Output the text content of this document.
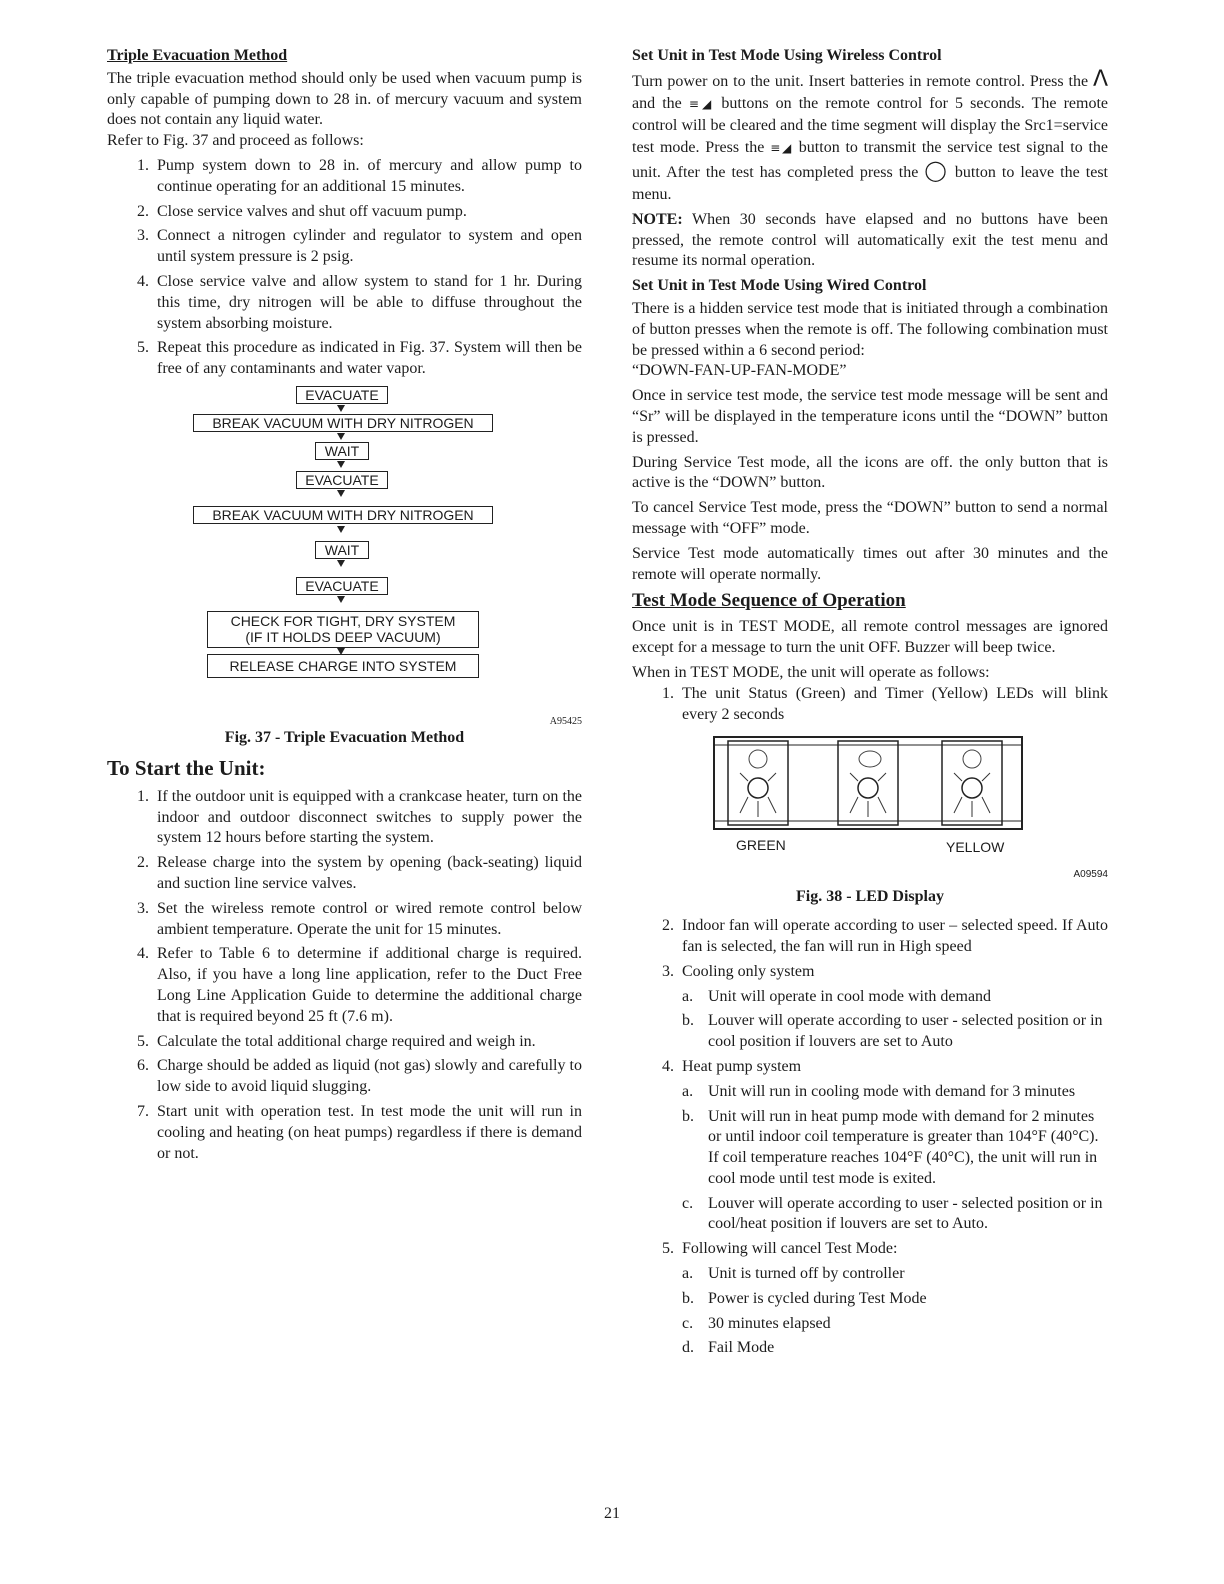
Triple Evacuation Method

The triple evacuation method should only be used when vacuum pump is only capable of pumping down to 28 in. of mercury vacuum and system does not contain any liquid water.

Refer to Fig. 37 and proceed as follows:

1. Pump system down to 28 in. of mercury and allow pump to continue operating for an additional 15 minutes.
2. Close service valves and shut off vacuum pump.
3. Connect a nitrogen cylinder and regulator to system and open until system pressure is 2 psig.
4. Close service valve and allow system to stand for 1 hr. During this time, dry nitrogen will be able to diffuse throughout the system absorbing moisture.
5. Repeat this procedure as indicated in Fig. 37. System will then be free of any contaminants and water vapor.
EVACUATE
BREAK VACUUM WITH DRY NITROGEN
WAIT
EVACUATE
BREAK VACUUM WITH DRY NITROGEN
WAIT
EVACUATE
CHECK FOR TIGHT, DRY SYSTEM
(IF IT HOLDS DEEP VACUUM)
RELEASE CHARGE INTO SYSTEM
A95425
Fig. 37 - Triple Evacuation Method
To Start the Unit:
1. If the outdoor unit is equipped with a crankcase heater, turn on the indoor and outdoor disconnect switches to supply power the system 12 hours before starting the system.
2. Release charge into the system by opening (back-seating) liquid and suction line service valves.
3. Set the wireless remote control or wired remote control below ambient temperature. Operate the unit for 15 minutes.
4. Refer to Table 6 to determine if additional charge is required. Also, if you have a long line application, refer to the Duct Free Long Line Application Guide to determine the additional charge that is required beyond 25 ft (7.6 m).
5. Calculate the total additional charge required and weigh in.
6. Charge should be added as liquid (not gas) slowly and carefully to low side to avoid liquid slugging.
7. Start unit with operation test. In test mode the unit will run in cooling and heating (on heat pumps) regardless if there is demand or not.
Set Unit in Test Mode Using Wireless Control

Turn power on to the unit. Insert batteries in remote control. Press the Λ and the ≡◢ buttons on the remote control for 5 seconds. The remote control will be cleared and the time segment will display the Src1=service test mode. Press the ≡◢ button to transmit the service test signal to the unit. After the test has completed press the ◯ button to leave the test menu.

NOTE: When 30 seconds have elapsed and no buttons have been pressed, the remote control will automatically exit the test menu and resume its normal operation.

Set Unit in Test Mode Using Wired Control

There is a hidden service test mode that is initiated through a combination of button presses when the remote is off. The following combination must be pressed within a 6 second period:

“DOWN-FAN-UP-FAN-MODE”

Once in service test mode, the service test mode message will be sent and “Sr” will be displayed in the temperature icons until the “DOWN” button is pressed.

During Service Test mode, all the icons are off. the only button that is active is the “DOWN” button.

To cancel Service Test mode, press the “DOWN” button to send a normal message with “OFF” mode.

Service Test mode automatically times out after 30 minutes and the remote will operate normally.

Test Mode Sequence of Operation

Once unit is in TEST MODE, all remote control messages are ignored except for a message to turn the unit OFF. Buzzer will beep twice.

When in TEST MODE, the unit will operate as follows:

1. The unit Status (Green) and Timer (Yellow) LEDs will blink every 2 seconds
GREEN	YELLOW
A09594
Fig. 38 - LED Display
2. Indoor fan will operate according to user – selected speed. If Auto fan is selected, the fan will run in High speed
3. Cooling only system
a. Unit will operate in cool mode with demand
b. Louver will operate according to user - selected position or in cool position if louvers are set to Auto
4. Heat pump system
a. Unit will run in cooling mode with demand for 3 minutes
b. Unit will run in heat pump mode with demand for 2 minutes or until indoor coil temperature is greater than 104°F (40°C). If coil temperature reaches 104°F (40°C), the unit will run in cool mode until test mode is exited.
c. Louver will operate according to user - selected position or in cool/heat position if louvers are set to Auto.
5. Following will cancel Test Mode:
a. Unit is turned off by controller
b. Power is cycled during Test Mode
c. 30 minutes elapsed
d. Fail Mode
21
